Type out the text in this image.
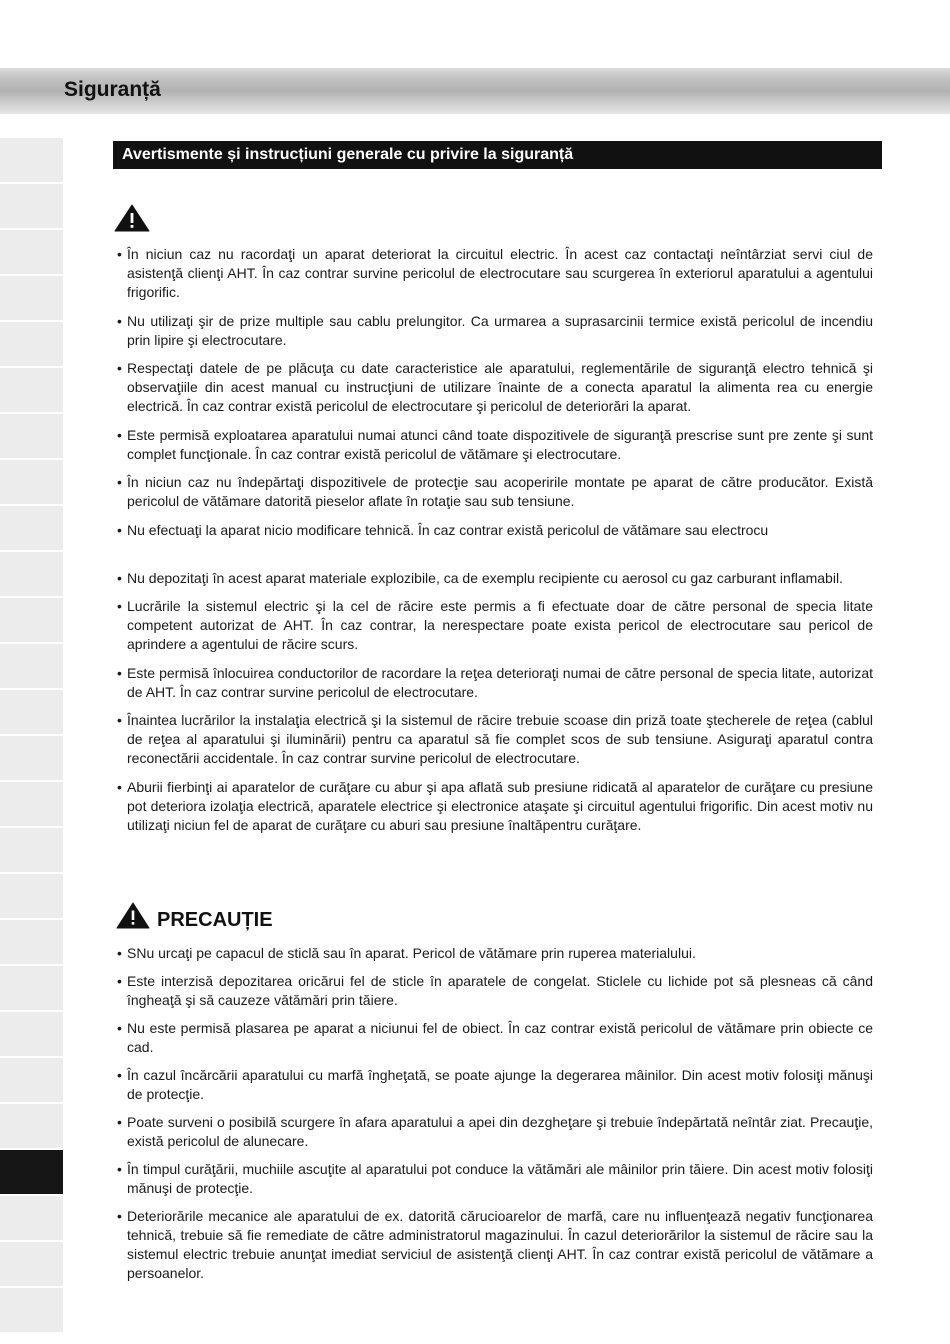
Siguranță
Avertismente și instrucțiuni generale cu privire la siguranță
• În niciun caz nu racordaţi un aparat deteriorat la circuitul electric. În acest caz contactaţi neîntârziat servi ciul de asistenţă clienţi AHT. În caz contrar survine pericolul de electrocutare sau scurgerea în exteriorul aparatului a agentului frigorific.
• Nu utilizaţi şir de prize multiple sau cablu prelungitor. Ca urmarea a suprasarcinii termice există pericolul de incendiu prin lipire şi electrocutare.
• Respectaţi datele de pe plăcuţa cu date caracteristice ale aparatului, reglementările de siguranţă electro tehnică şi observaţiile din acest manual cu instrucţiuni de utilizare înainte de a conecta aparatul la alimenta rea cu energie electrică. În caz contrar există pericolul de electrocutare şi pericolul de deteriorări la aparat.
• Este permisă exploatarea aparatului numai atunci când toate dispozitivele de siguranţă prescrise sunt pre zente şi sunt complet funcţionale. În caz contrar există pericolul de vătămare şi electrocutare.
• În niciun caz nu îndepărtaţi dispozitivele de protecţie sau acoperirile montate pe aparat de către producător. Există pericolul de vătămare datorită pieselor aflate în rotaţie sau sub tensiune.
• Nu efectuaţi la aparat nicio modificare tehnică. În caz contrar există pericolul de vătămare sau electrocu
• Nu depozitaţi în acest aparat materiale explozibile, ca de exemplu recipiente cu aerosol cu gaz carburant inflamabil.
• Lucrările la sistemul electric şi la cel de răcire este permis a fi efectuate doar de către personal de specia litate competent autorizat de AHT. În caz contrar, la nerespectare poate exista pericol de electrocutare sau pericol de aprindere a agentului de răcire scurs.
• Este permisă înlocuirea conductorilor de racordare la reţea deterioraţi numai de către personal de specia litate, autorizat de AHT. În caz contrar survine pericolul de electrocutare.
• Înaintea lucrărilor la instalaţia electrică şi la sistemul de răcire trebuie scoase din priză toate ştecherele de reţea (cablul de reţea al aparatului şi iluminării) pentru ca aparatul să fie complet scos de sub tensiune. Asiguraţi aparatul contra reconectării accidentale. În caz contrar survine pericolul de electrocutare.
• Aburii fierbinţi ai aparatelor de curăţare cu abur şi apa aflată sub presiune ridicată al aparatelor de curăţare cu presiune pot deteriora izolaţia electrică, aparatele electrice şi electronice ataşate şi circuitul agentului frigorific. Din acest motiv nu utilizaţi niciun fel de aparat de curăţare cu aburi sau presiune înaltăpentru curăţare.
PRECAUȚIE
• SNu urcaţi pe capacul de sticlă sau în aparat. Pericol de vătămare prin ruperea materialului.
• Este interzisă depozitarea oricărui fel de sticle în aparatele de congelat. Sticlele cu lichide pot să plesneas că când îngheaţă şi să cauzeze vătămări prin tăiere.
• Nu este permisă plasarea pe aparat a niciunui fel de obiect. În caz contrar există pericolul de vătămare prin obiecte ce cad.
• În cazul încărcării aparatului cu marfă îngheţată, se poate ajunge la degerarea mâinilor. Din acest motiv folosiţi mănuşi de protecţie.
• Poate surveni o posibilă scurgere în afara aparatului a apei din dezgheţare şi trebuie îndepărtată neîntâr ziat. Precauţie, există pericolul de alunecare.
• În timpul curăţării, muchiile ascuţite al aparatului pot conduce la vătămări ale mâinilor prin tăiere. Din acest motiv folosiţi mănuşi de protecţie.
• Deteriorările mecanice ale aparatului de ex. datorită cărucioarelor de marfă, care nu influenţează negativ funcţionarea tehnică, trebuie să fie remediate de către administratorul magazinului. În cazul deteriorărilor la sistemul de răcire sau la sistemul electric trebuie anunţat imediat serviciul de asistenţă clienţi AHT. În caz contrar există pericolul de vătămare a persoanelor.
